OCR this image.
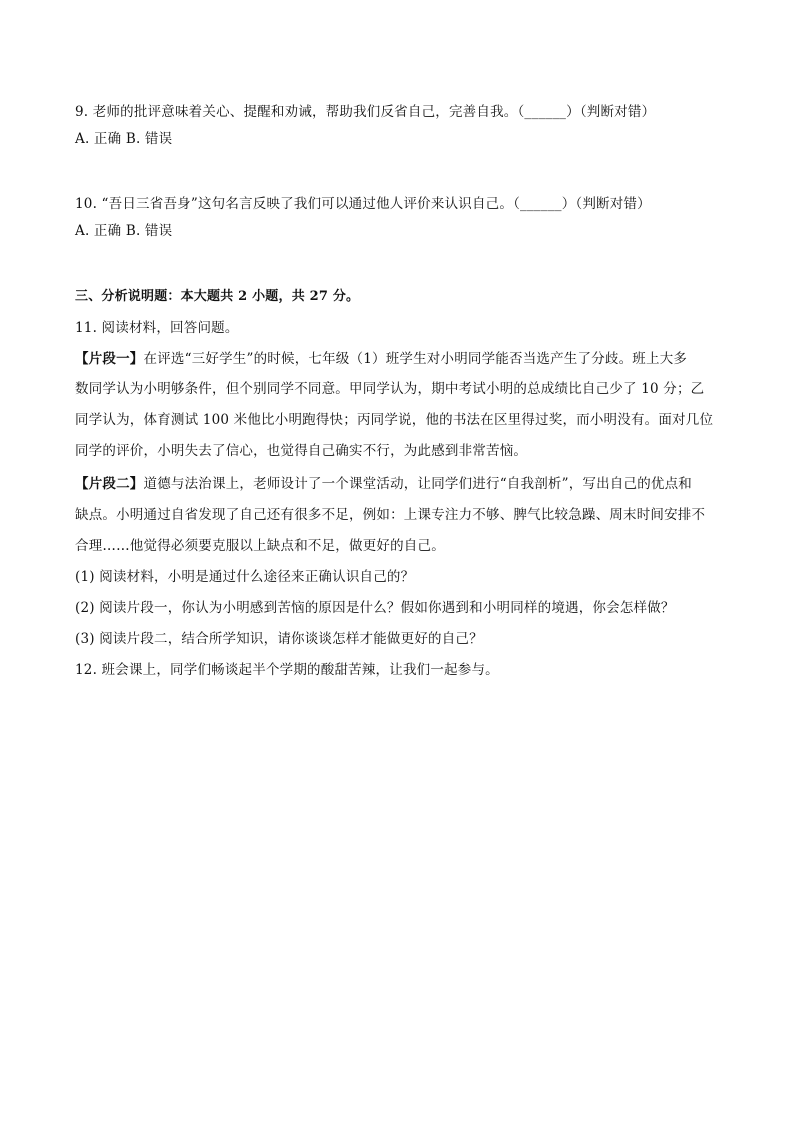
9. 老师的批评意味着关心、提醒和劝诫，帮助我们反省自己，完善自我。（______）（判断对错）
A. 正确 B. 错误
10. “吾日三省吾身”这句名言反映了我们可以通过他人评价来认识自己。（______）（判断对错）
A. 正确 B. 错误
三、分析说明题：本大题共 2 小题，共 27 分。
11. 阅读材料，回答问题。
【片段一】在评选“三好学生”的时候，七年级（1）班学生对小明同学能否当选产生了分歧。班上大多
数同学认为小明够条件，但个别同学不同意。甲同学认为，期中考试小明的总成绩比自己少了 10 分；乙
同学认为，体育测试 100 米他比小明跑得快；丙同学说，他的书法在区里得过奖，而小明没有。面对几位
同学的评价，小明失去了信心，也觉得自己确实不行，为此感到非常苦恼。
【片段二】道德与法治课上，老师设计了一个课堂活动，让同学们进行“自我剖析”，写出自己的优点和
缺点。小明通过自省发现了自己还有很多不足，例如：上课专注力不够、脾气比较急躁、周末时间安排不
合理……他觉得必须要克服以上缺点和不足，做更好的自己。
(1) 阅读材料，小明是通过什么途径来正确认识自己的？
(2) 阅读片段一，你认为小明感到苦恼的原因是什么？假如你遇到和小明同样的境遇，你会怎样做？
(3) 阅读片段二，结合所学知识，请你谈谈怎样才能做更好的自己？
12. 班会课上，同学们畅谈起半个学期的酸甜苦辣，让我们一起参与。
